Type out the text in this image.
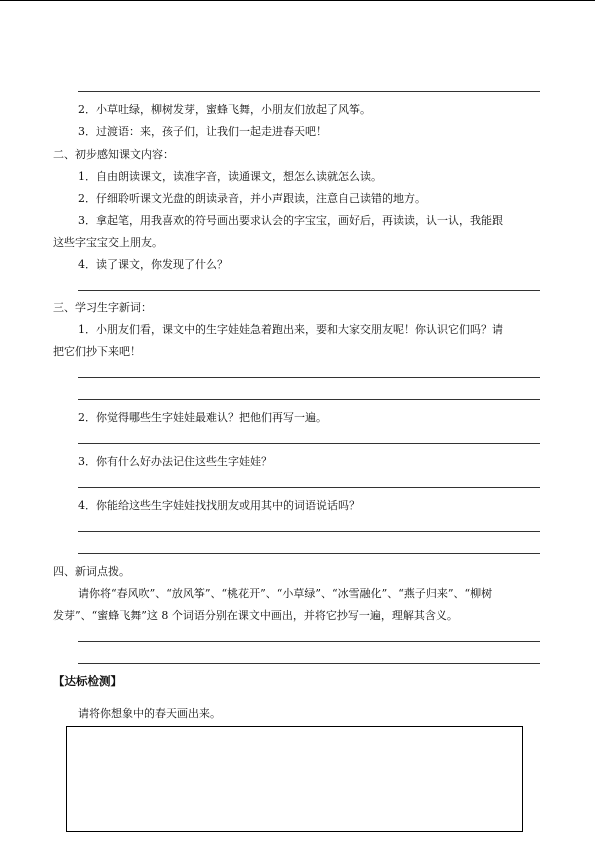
2．小草吐绿，柳树发芽，蜜蜂飞舞，小朋友们放起了风筝。
3．过渡语：来，孩子们，让我们一起走进春天吧！
二、初步感知课文内容：
1．自由朗读课文，读准字音，读通课文，想怎么读就怎么读。
2．仔细聆听课文光盘的朗读录音，并小声跟读，注意自己读错的地方。
3．拿起笔，用我喜欢的符号画出要求认会的字宝宝，画好后，再读读，认一认，我能跟
这些字宝宝交上朋友。
4．读了课文，你发现了什么？
三、学习生字新词：
1．小朋友们看，课文中的生字娃娃急着跑出来，要和大家交朋友呢！你认识它们吗？请
把它们抄下来吧！
2．你觉得哪些生字娃娃最难认？把他们再写一遍。
3．你有什么好办法记住这些生字娃娃？
4．你能给这些生字娃娃找找朋友或用其中的词语说话吗？
四、新词点拨。
请你将“春风吹”、“放风筝”、“桃花开”、“小草绿”、“冰雪融化”、“燕子归来”、“柳树
发芽”、“蜜蜂飞舞”这 8 个词语分别在课文中画出，并将它抄写一遍，理解其含义。
【达标检测】
请将你想象中的春天画出来。
